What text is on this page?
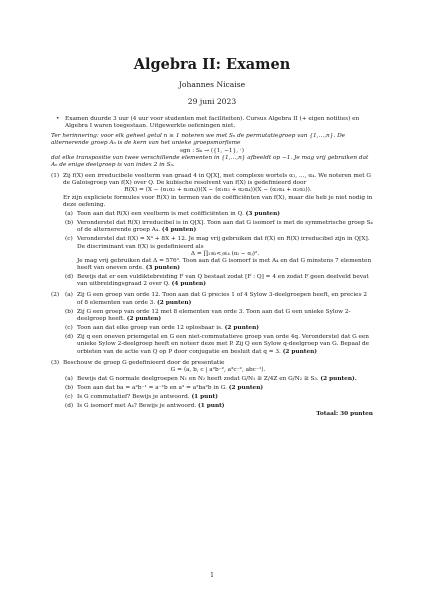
Algebra II: Examen
Johannes Nicaise
29 juni 2023
• Examen duurde 3 uur (4 uur voor studenten met faciliteiten). Cursus Algebra II (+ eigen notities) en Algebra I waren toegestaan. Uitgewerkte oefeningen niet.

Ter herinnering: voor elk geheel getal n ≥ 1 noteren we met Sₙ de permutatiegroep van {1,…,n}. De alternerende groep Aₙ is de kern van het unieke groepsmorfisme

sgn : Sₙ → ({1, −1}, ·)

dat elke transpositie van twee verschillende elementen in {1,…,n} afbeeldt op −1. Je mag vrij gebruiken dat Aₙ de enige deelgroep is van index 2 in Sₙ.

(1) Zij f(X) een irreducibele veelterm van graad 4 in Q[X], met complexe wortels α₁, …, α₄. We noteren met G de Galoisgroep van f(X) over Q. De kubische resolvent van f(X) is gedefinieerd door

R(X) = (X − (α₁α₂ + α₃α₄))(X − (α₁α₃ + α₂α₄))(X − (α₁α₄ + α₂α₃)).

Er zijn expliciete formules voor R(X) in termen van de coëfficiënten van f(X), maar die heb je niet nodig in deze oefening.

(a) Toon aan dat R(X) een veelterm is met coëfficiënten in Q. (3 punten)
(b) Veronderstel dat R(X) irreducibel is in Q[X]. Toon aan dat G isomorf is met de symmetrische groep S₄ of de alternerende groep A₄. (4 punten)
(c) Veronderstel dat f(X) = X⁴ + 8X + 12. Je mag vrij gebruiken dat f(X) en R(X) irreducibel zijn in Q[X]. De discriminant van f(X) is gedefinieerd als

Δ = ∏₁≤ᵢ<ⱼ≤₄ (αᵢ − αⱼ)².

Je mag vrij gebruiken dat Δ = 576². Toon aan dat G isomorf is met A₄ en dat G minstens 7 elementen heeft van oneven orde. (3 punten)
(d) Bewijs dat er een vuldiktebreiding F van Q bestaat zodat [F : Q] = 4 en zodat F geen deelveld bevat van uitbreidingsgraad 2 over Q. (4 punten)
(2) (a) Zij G een groep van orde 12. Toon aan dat G precies 1 of 4 Sylow 3-deelgroepen heeft, en precies 2 of 8 elementen van orde 3. (2 punten)
(b) Zij G een groep van orde 12 met 8 elementen van orde 3. Toon aan dat G een unieke Sylow 2-deelgroep heeft. (2 punten)
(c) Toon aan dat elke groep van orde 12 oplosbaar is. (2 punten)
(d) Zij q een oneven priemgetal en G een niet-commutatieve groep van orde 4q. Veronderstel dat G een unieke Sylow 2-deelgroep heeft en noteer deze met P. Zij Q een Sylow q-deelgroep van G. Bepaal de orbieten van de actie van Q op P door conjugatie en besluit dat q = 3. (2 punten)
(3) Beschouw de groep G gedefinieerd door de presentatie

G = ⟨a, b, c | a²b⁻², a³c⁻², abc⁻¹⟩.

(a) Bewijs dat G normale deelgroepen N₁ en N₂ heeft zodat G/N₁ ≅ Z/4Z en G/N₂ ≅ S₃. (2 punten).
(b) Toon aan dat ba = a²b⁻¹ = a⁻¹b en a³ = a²ba²b in G. (2 punten)
(c) Is G commutatief? Bewijs je antwoord. (1 punt)
(d) Is G isomorf met A₄? Bewijs je antwoord. (1 punt)

Totaal: 30 punten

1
